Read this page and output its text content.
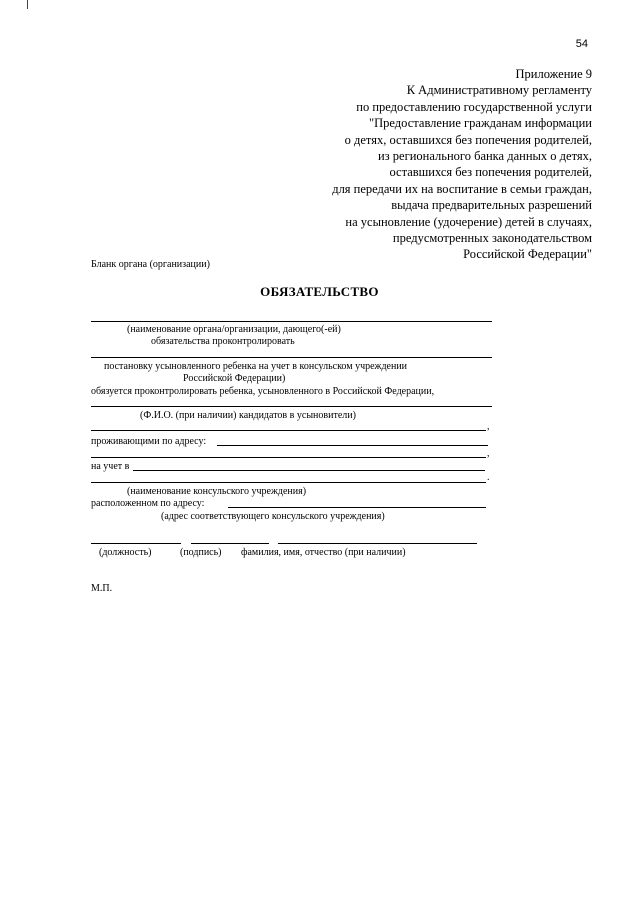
54
Приложение 9
К Административному регламенту
по предоставлению государственной услуги
"Предоставление гражданам информации
о детях, оставшихся без попечения родителей,
из регионального банка данных о детях,
оставшихся без попечения родителей,
для передачи их на воспитание в семьи граждан,
выдача предварительных разрешений
на усыновление (удочерение) детей в случаях,
предусмотренных законодательством
Российской Федерации"
Бланк органа (организации)
ОБЯЗАТЕЛЬСТВО
(наименование органа/организации, дающего(-ей)
обязательства проконтролировать
постановку усыновленного ребенка на учет в консульском учреждении
Российской Федерации)
обязуется проконтролировать ребенка, усыновленного в Российской Федерации,
(Ф.И.О. (при наличии) кандидатов в усыновители)
,
проживающими по адресу:
,
на учет в
.
(наименование консульского учреждения)
расположенном по адресу:
(адрес соответствующего консульского учреждения)
(должность)	(подпись) фамилия, имя, отчество (при наличии)
М.П.
